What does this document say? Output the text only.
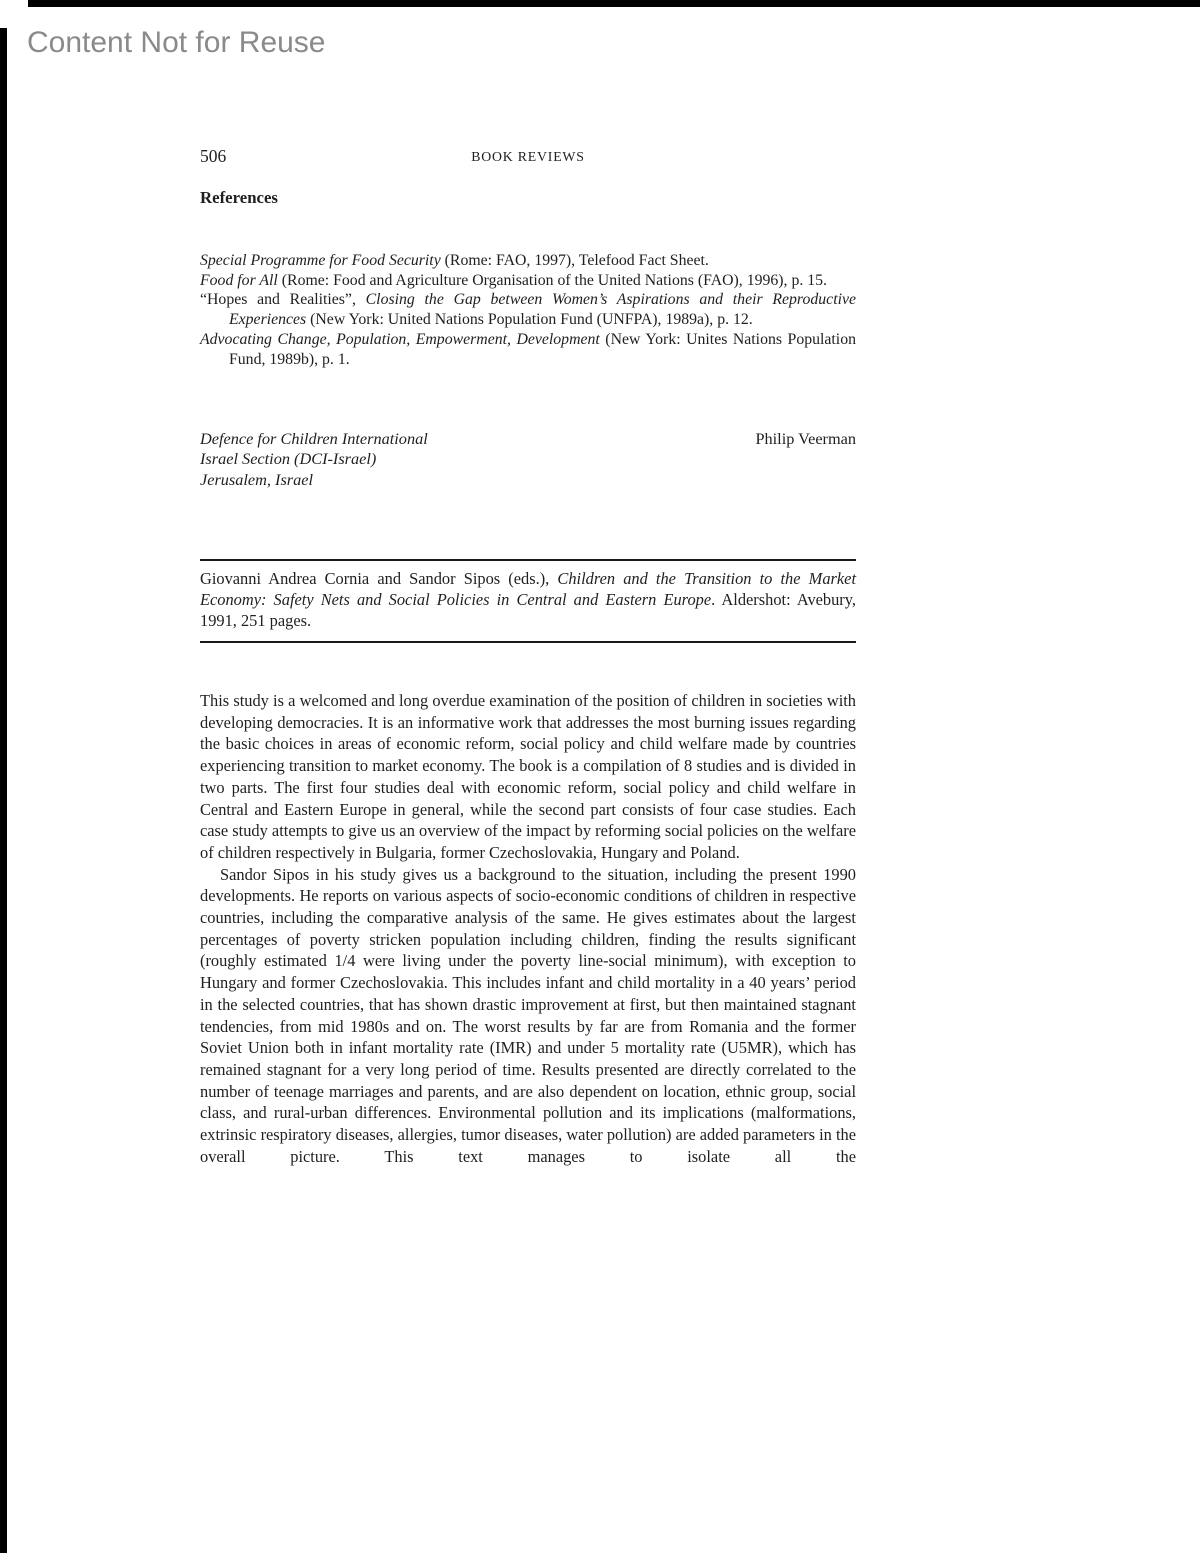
Content Not for Reuse
506	BOOK REVIEWS
References

Special Programme for Food Security (Rome: FAO, 1997), Telefood Fact Sheet.

Food for All (Rome: Food and Agriculture Organisation of the United Nations (FAO), 1996), p. 15.

“Hopes and Realities”, Closing the Gap between Women’s Aspirations and their Reproductive Experiences (New York: United Nations Population Fund (UNFPA), 1989a), p. 12.

Advocating Change, Population, Empowerment, Development (New York: Unites Nations Population Fund, 1989b), p. 1.

Defence for Children International
Israel Section (DCI-Israel)
Jerusalem, Israel
Philip Veerman

Giovanni Andrea Cornia and Sandor Sipos (eds.), Children and the Transition to the Market Economy: Safety Nets and Social Policies in Central and Eastern Europe. Aldershot: Avebury, 1991, 251 pages.

This study is a welcomed and long overdue examination of the position of children in societies with developing democracies. It is an informative work that addresses the most burning issues regarding the basic choices in areas of economic reform, social policy and child welfare made by countries experiencing transition to market economy. The book is a compilation of 8 studies and is divided in two parts. The first four studies deal with economic reform, social policy and child welfare in Central and Eastern Europe in general, while the second part consists of four case studies. Each case study attempts to give us an overview of the impact by reforming social policies on the welfare of children respectively in Bulgaria, former Czechoslovakia, Hungary and Poland.

Sandor Sipos in his study gives us a background to the situation, including the present 1990 developments. He reports on various aspects of socio-economic conditions of children in respective countries, including the comparative analysis of the same. He gives estimates about the largest percentages of poverty stricken population including children, finding the results significant (roughly estimated 1/4 were living under the poverty line-social minimum), with exception to Hungary and former Czechoslovakia. This includes infant and child mortality in a 40 years’ period in the selected countries, that has shown drastic improvement at first, but then maintained stagnant tendencies, from mid 1980s and on. The worst results by far are from Romania and the former Soviet Union both in infant mortality rate (IMR) and under 5 mortality rate (U5MR), which has remained stagnant for a very long period of time. Results presented are directly correlated to the number of teenage marriages and parents, and are also dependent on location, ethnic group, social class, and rural-urban differences. Environmental pollution and its implications (malformations, extrinsic respiratory diseases, allergies, tumor diseases, water pollution) are added parameters in the overall picture. This text manages to isolate all the
